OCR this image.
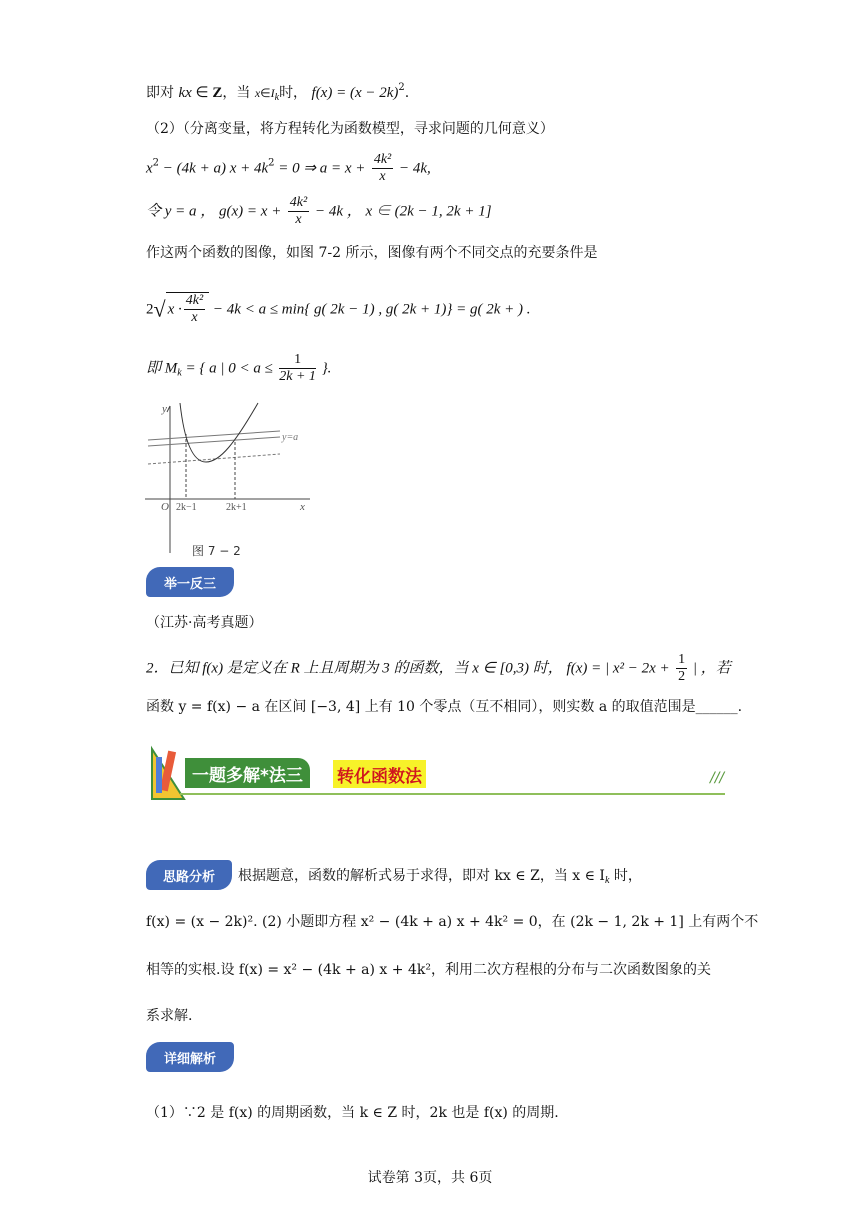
即对 kx ∈ Z，当 $x\in I_k$时， $f(x) = (x - 2k)^2$.
（2）（分离变量，将方程转化为函数模型，寻求问题的几何意义）
$x^2 - (4k + a) x + 4k^2 = 0$ ⇒ $a = x + \frac{\text{4k²}}{x} - 4k$,
令 y = a ， $g(x) = x + \frac{\text{4k²}}{x} - 4k$ ， x ∈ (2k − 1, 2k + 1]
作这两个函数的图像，如图 7-2 所示，图像有两个不同交点的充要条件是
2√ $x \cdot \frac{\text{4k²}}{x} - 4k < a \le \min${ g( 2k − 1) , g( 2k + 1)} = g( 2k + ) .
即 $M_k$ = { a | $0 < a \le \frac{1}{2k + 1}$ }.
y
x
O 2k−1	2k+1
y=a
图 7 − 2
举一反三
（江苏·高考真题）
2．已知 f(x) 是定义在 R 上且周期为 3 的函数，当 x ∈ [0,3) 时， f(x) = | $x^2 - 2x + \frac{1}{2}$ | ，若
函数 y = f(x) − a 在区间 [−3, 4] 上有 10 个零点（互不相同），则实数 a 的取值范围是______.
一题多解*法三	转化函数法	///
思路分析	根据题意，函数的解析式易于求得，即对 kx ∈ Z，当 x ∈ $I_k$ 时，
f(x) = (x − 2k)². (2) 小题即方程 x² − (4k + a) x + 4k² = 0，在 (2k − 1, 2k + 1] 上有两个不
相等的实根.设 f(x) = x² − (4k + a) x + 4k²，利用二次方程根的分布与二次函数图象的关
系求解.
详细解析
（1）∵2 是 f(x) 的周期函数，当 k ∈ Z 时，2k 也是 f(x) 的周期.
试卷第 3页，共 6页
